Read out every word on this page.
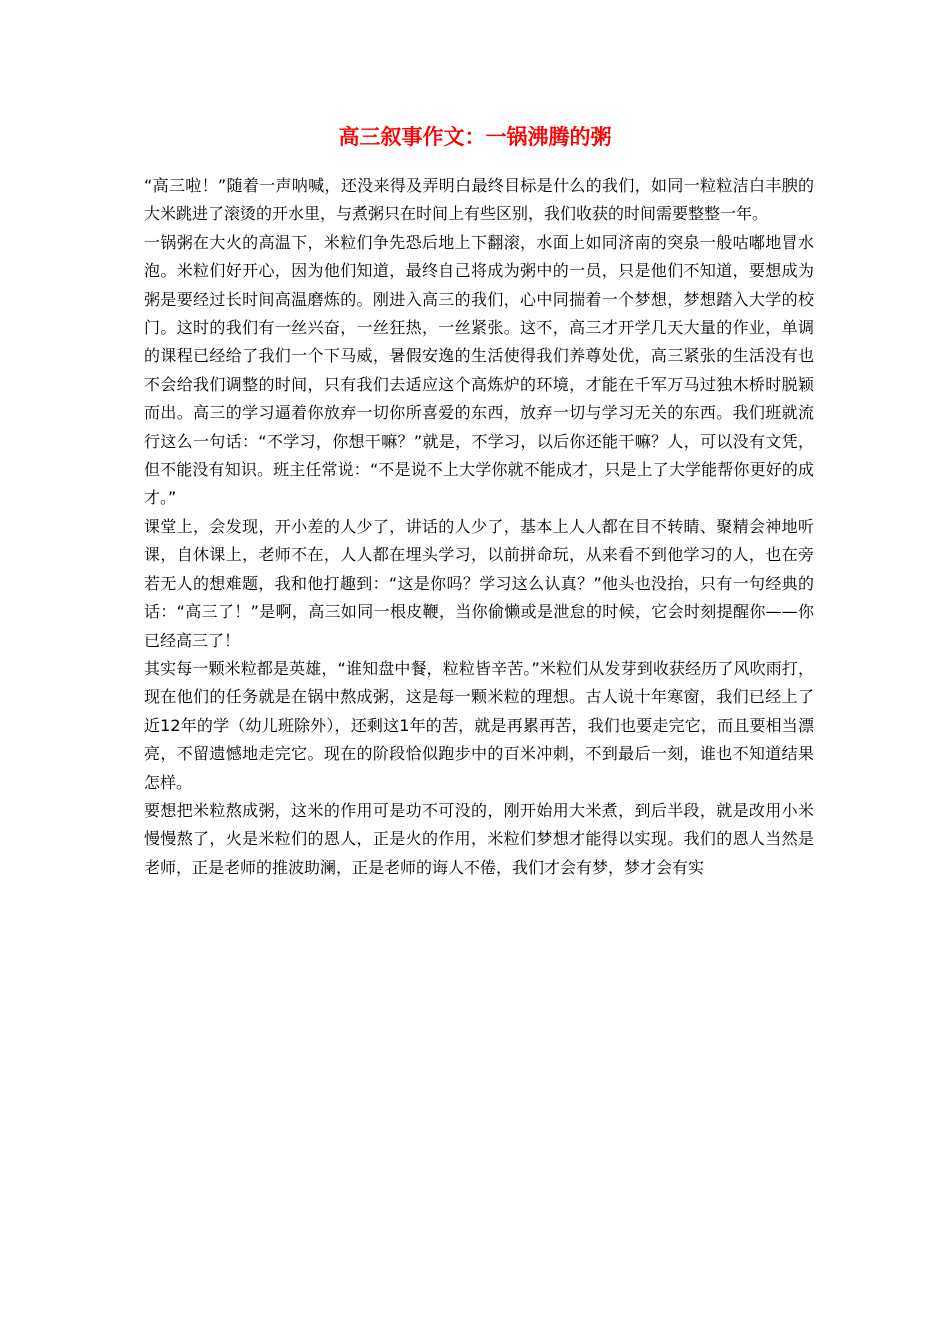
高三叙事作文：一锅沸腾的粥

“高三啦！”随着一声呐喊，还没来得及弄明白最终目标是什么的我们，如同一粒粒洁白丰腴的大米跳进了滚烫的开水里，与煮粥只在时间上有些区别，我们收获的时间需要整整一年。

一锅粥在大火的高温下，米粒们争先恐后地上下翻滚，水面上如同济南的突泉一般咕嘟地冒水泡。米粒们好开心，因为他们知道，最终自己将成为粥中的一员，只是他们不知道，要想成为粥是要经过长时间高温磨炼的。刚进入高三的我们，心中同揣着一个梦想，梦想踏入大学的校门。这时的我们有一丝兴奋，一丝狂热，一丝紧张。这不，高三才开学几天大量的作业，单调的课程已经给了我们一个下马威，暑假安逸的生活使得我们养尊处优，高三紧张的生活没有也不会给我们调整的时间，只有我们去适应这个高炼炉的环境，才能在千军万马过独木桥时脱颖而出。高三的学习逼着你放弃一切你所喜爱的东西，放弃一切与学习无关的东西。我们班就流行这么一句话：“不学习，你想干嘛？”就是，不学习，以后你还能干嘛？人，可以没有文凭，但不能没有知识。班主任常说：“不是说不上大学你就不能成才，只是上了大学能帮你更好的成才。”

课堂上，会发现，开小差的人少了，讲话的人少了，基本上人人都在目不转睛、聚精会神地听课，自休课上，老师不在，人人都在埋头学习，以前拼命玩，从来看不到他学习的人，也在旁若无人的想难题，我和他打趣到：“这是你吗？学习这么认真？”他头也没抬，只有一句经典的话：“高三了！”是啊，高三如同一根皮鞭，当你偷懒或是泄怠的时候，它会时刻提醒你——你已经高三了！

其实每一颗米粒都是英雄，“谁知盘中餐，粒粒皆辛苦。”米粒们从发芽到收获经历了风吹雨打，现在他们的任务就是在锅中熬成粥，这是每一颗米粒的理想。古人说十年寒窗，我们已经上了近12年的学（幼儿班除外），还剩这1年的苦，就是再累再苦，我们也要走完它，而且要相当漂亮，不留遗憾地走完它。现在的阶段恰似跑步中的百米冲刺，不到最后一刻，谁也不知道结果怎样。

要想把米粒熬成粥，这米的作用可是功不可没的，刚开始用大米煮，到后半段，就是改用小米慢慢熬了，火是米粒们的恩人，正是火的作用，米粒们梦想才能得以实现。我们的恩人当然是老师，正是老师的推波助澜，正是老师的诲人不倦，我们才会有梦，梦才会有实
